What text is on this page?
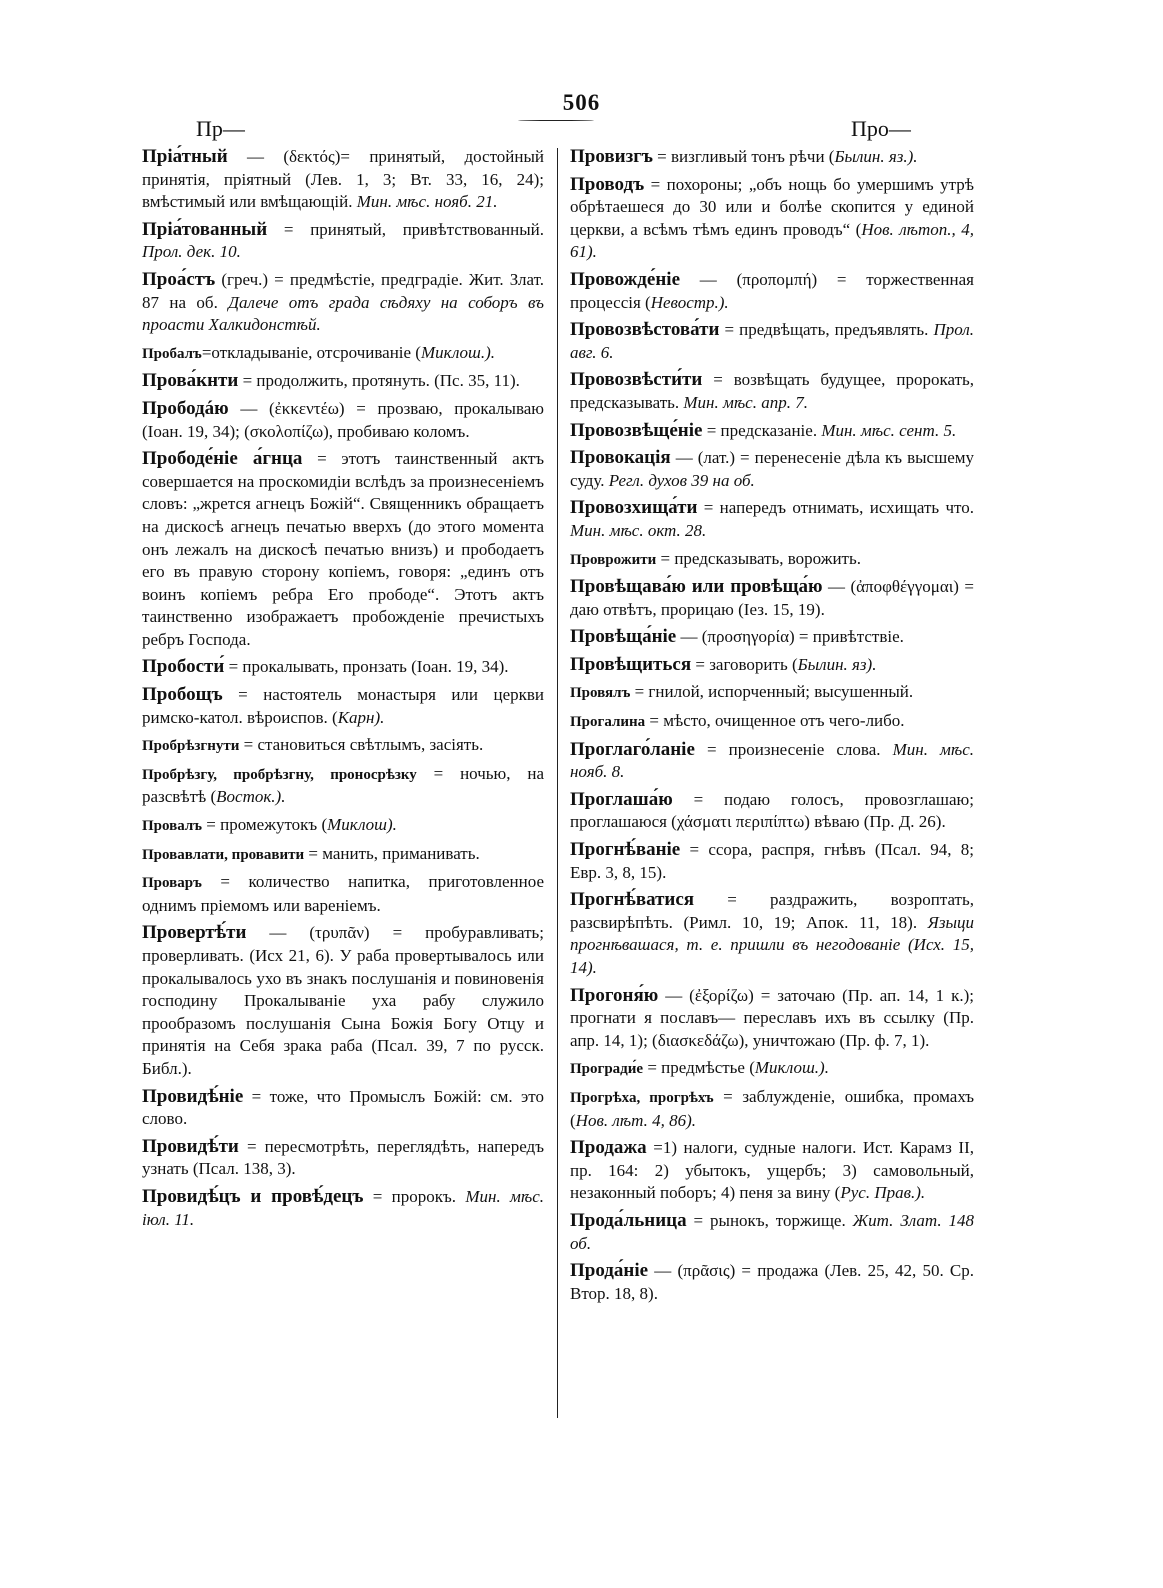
506
Пр—	Про—

Пріа́тный — (δεκτός)= принятый, достойный принятія, пріятный (Лев. 1, 3; Вт. 33, 16, 24); вмѣстимый или вмѣщающій. Мин. мѣс. нояб. 21.

Пріа́тованный = принятый, привѣтствованный. Прол. дек. 10.

Проа́стъ (греч.) = предмѣстіе, предградіе. Жит. Злат. 87 на об. Далече отъ града сѣдяху на соборъ въ проасти Халкидонстѣй.

Пробалъ=откладываніе, отсрочиваніе (Миклош.).

Прова́кнти = продолжить, протянуть. (Пс. 35, 11).

Прободáю — (ἐκκεντέω) = прозваю, прокалываю (Іоан. 19, 34); (σκολοπίζω), пробиваю коломъ.

Прободе́ніе а́гнца = этотъ таинственный актъ совершается на проскомидіи вслѣдъ за произнесеніемъ словъ: „жрется агнецъ Божій“. Священникъ обращаетъ на дискосѣ агнецъ печатью вверхъ (до этого момента онъ лежалъ на дискосѣ печатью внизъ) и прободаетъ его въ правую сторону копіемъ, говоря: „единъ отъ воинъ копіемъ ребра Его прободе“. Этотъ актъ таинственно изображаетъ пробожденіе пречистыхъ ребръ Господа.

Пробости́ = прокалывать, пронзать (Іоан. 19, 34).

Пробощъ = настоятель монастыря или церкви римско-катол. вѣроиспов. (Карн).

Пробрѣзгнути = становиться свѣтлымъ, засіять.

Пробрѣзгу, пробрѣзгну, проносрѣзку = ночью, на разсвѣтѣ (Восток.).

Провалъ = промежутокъ (Миклош).

Провавлати, провавити = манить, приманивать.

Проваръ = количество напитка, приготовленное однимъ пріемомъ или вареніемъ.

Провертѣ́ти — (τρυπᾶν) = пробуравливать; проверливать. (Исх 21, 6). У раба провертывалось или прокалывалось ухо въ знакъ послушанія и повиновенія господину Прокалываніе уха рабу служило прообразомъ послушанія Сына Божія Богу Отцу и принятія на Себя зрака раба (Псал. 39, 7 по русск. Библ.).

Провидѣ́ніе = тоже, что Промыслъ Божій: см. это слово.

Провидѣ́ти = пересмотрѣть, переглядѣть, напередъ узнать (Псал. 138, 3).

Провидѣ́цъ и провѣ́децъ = пророкъ. Мин. мѣс. іюл. 11.

Провизгъ = визгливый тонъ рѣчи (Былин. яз.).

Проводъ = похороны; „объ нощь бо умершимъ утрѣ обрѣтаешеся до 30 или и болѣе скопится у единой церкви, а всѣмъ тѣмъ единъ проводъ“ (Нов. лѣтоп., 4, 61).

Провожде́ніе — (προπομπή) = торжественная процессія (Невостр.).

Провозвѣстова́ти = предвѣщать, предъявлять. Прол. авг. 6.

Провозвѣсти́ти = возвѣщать будущее, пророкать, предсказывать. Мин. мѣс. апр. 7.

Провозвѣще́ніе = предсказаніе. Мин. мѣс. сент. 5.

Провокація — (лат.) = перенесеніе дѣла къ высшему суду. Регл. духов 39 на об.

Провозхища́ти = напередъ отнимать, исхищать что. Мин. мѣс. окт. 28.

Проврожити = предсказывать, ворожить.

Провѣщава́ю или провѣща́ю — (ἀποφθέγγομαι) = даю отвѣтъ, прорицаю (Іез. 15, 19).

Провѣща́ніе — (προσηγορία) = привѣтствіе.

Провѣщиться = заговорить (Былин. яз).

Провялъ = гнилой, испорченный; высушенный.

Прогалина = мѣсто, очищенное отъ чего-либо.

Проглаго́ланіе = произнесеніе слова. Мин. мѣс. нояб. 8.

Проглаша́ю = подаю голосъ, провозглашаю; проглашаюся (χάσματι περιπίπτω) вѣваю (Пр. Д. 26).

Прогнѣ́ваніе = ссора, распря, гнѣвъ (Псал. 94, 8; Евр. 3, 8, 15).

Прогнѣ́ватися = раздражить, возроптать, разсвирѣпѣть. (Римл. 10, 19; Апок. 11, 18). Языци прогнѣвашася, т. е. пришли въ негодованіе (Исх. 15, 14).

Прогоня́ю — (ἐξορίζω) = заточаю (Пр. ап. 14, 1 к.); прогнати я пославъ— переславъ ихъ въ ссылку (Пр. апр. 14, 1); (διασκεδάζω), уничтожаю (Пр. ф. 7, 1).

Програди́е = предмѣстье (Миклош.).

Прогрѣха, прогрѣхъ = заблужденіе, ошибка, промахъ (Нов. лѣт. 4, 86).

Продажа =1) налоги, судные налоги. Ист. Карамз II, пр. 164: 2) убытокъ, ущербъ; 3) самовольный, незаконный поборъ; 4) пеня за вину (Рус. Прав.).

Прода́льница = рынокъ, торжище. Жит. Злат. 148 об.

Прода́ніе — (πρᾶσις) = продажа (Лев. 25, 42, 50. Ср. Втор. 18, 8).
